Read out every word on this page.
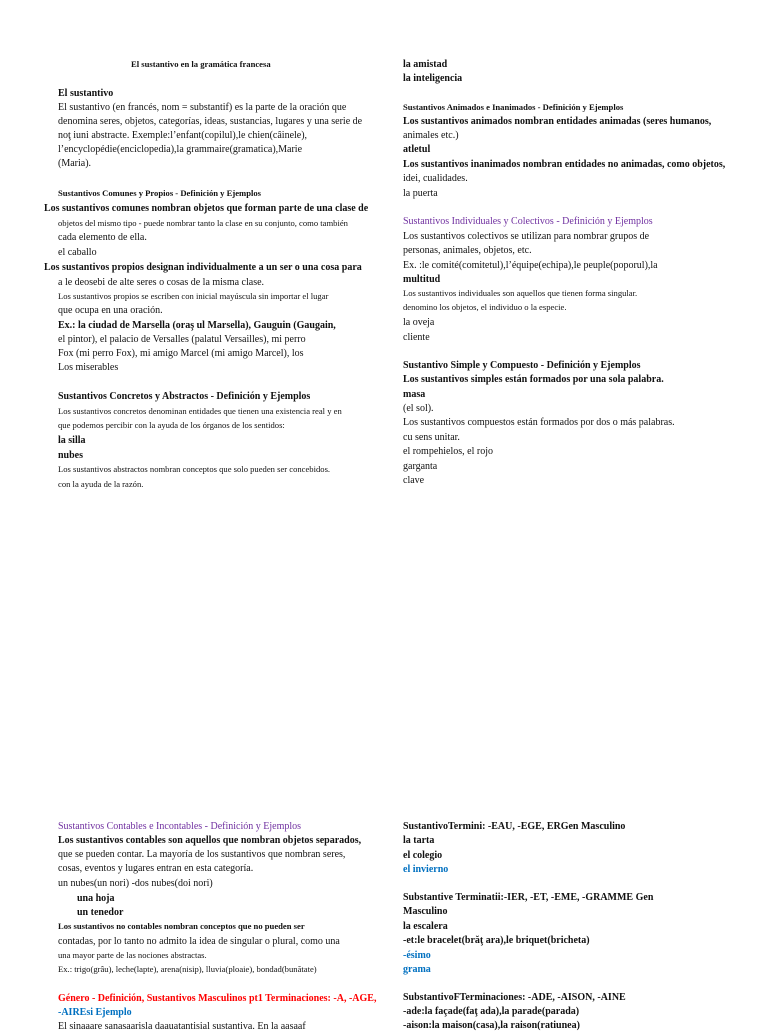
El sustantivo en la gramática francesa
El sustantivo
El sustantivo (en francés, nom = substantif) es la parte de la oración que
denomina seres, objetos, categorías, ideas, sustancias, lugares y una serie de
noţ iuni abstracte. Exemple:l’enfant(copilul),le chien(câinele),
l’encyclopédie(enciclopedia),la grammaire(gramatica),Marie
(Maria).
Sustantivos Comunes y Propios - Definición y Ejemplos
Los sustantivos comunes nombran objetos que forman parte de una clase de
objetos del mismo tipo - puede nombrar tanto la clase en su conjunto, como también
cada elemento de ella.
el caballo
Los sustantivos propios designan individualmente a un ser o una cosa para
a le deosebi de alte seres o cosas de la misma clase.
Los sustantivos propios se escriben con inicial mayúscula sin importar el lugar
que ocupa en una oración.
Ex.: la ciudad de Marsella (oraş ul Marsella), Gauguin (Gaugain,
el pintor), el palacio de Versalles (palatul Versailles), mi perro
Fox (mi perro Fox), mi amigo Marcel (mi amigo Marcel), los
Los miserables
Sustantivos Concretos y Abstractos - Definición y Ejemplos
Los sustantivos concretos denominan entidades que tienen una existencia real y en
que podemos percibir con la ayuda de los órganos de los sentidos:
la silla
nubes
Los sustantivos abstractos nombran conceptos que solo pueden ser concebidos.
con la ayuda de la razón.
la amistad
la inteligencia
Sustantivos Animados e Inanimados - Definición y Ejemplos
Los sustantivos animados nombran entidades animadas (seres humanos,
animales etc.)
atletul
Los sustantivos inanimados nombran entidades no animadas, como objetos,
idei, cualidades.
la puerta
Sustantivos Individuales y Colectivos - Definición y Ejemplos
Los sustantivos colectivos se utilizan para nombrar grupos de
personas, animales, objetos, etc.
Ex. :le comité(comitetul),l’équipe(echipa),le peuple(poporul),la
multitud
Los sustantivos individuales son aquellos que tienen forma singular.
denomino los objetos, el individuo o la especie.
la oveja
cliente
Sustantivo Simple y Compuesto - Definición y Ejemplos
Los sustantivos simples están formados por una sola palabra.
masa
(el sol).
Los sustantivos compuestos están formados por dos o más palabras.
cu sens unitar.
el rompehielos, el rojo
garganta
clave
Sustantivos Contables e Incontables - Definición y Ejemplos
Los sustantivos contables son aquellos que nombran objetos separados,
que se pueden contar. La mayoría de los sustantivos que nombran seres,
cosas, eventos y lugares entran en esta categoría.
un nubes(un nori) -dos nubes(doi nori)
una hoja
un tenedor
Los sustantivos no contables nombran conceptos que no pueden ser
contadas, por lo tanto no admito la idea de singular o plural, como una
una mayor parte de las nociones abstractas.
Ex.: trigo(grâu), leche(lapte), arena(nisip), lluvia(ploaie), bondad(bunătate)
Género - Definición, Sustantivos Masculinos pt1 Terminaciones: -A, -AGE,
-AIREsi Ejemplo
El sinaaare sanasaarisla daauatantisial sustantiva. En la aasaaf
SustantivoTermini: -EAU, -EGE, ERGen Masculino
la tarta
el colegio
el invierno
Substantive Terminatii:-IER, -ET, -EME, -GRAMME Gen
Masculino
la escalera
-et:le bracelet(brăţ ara),le briquet(bricheta)
-ésimo
grama
SubstantivoFTerminaciones: -ADE, -AISON, -AINE
-ade:la façade(faţ ada),la parade(parada)
-aison:la maison(casa),la raison(ratiunea)
